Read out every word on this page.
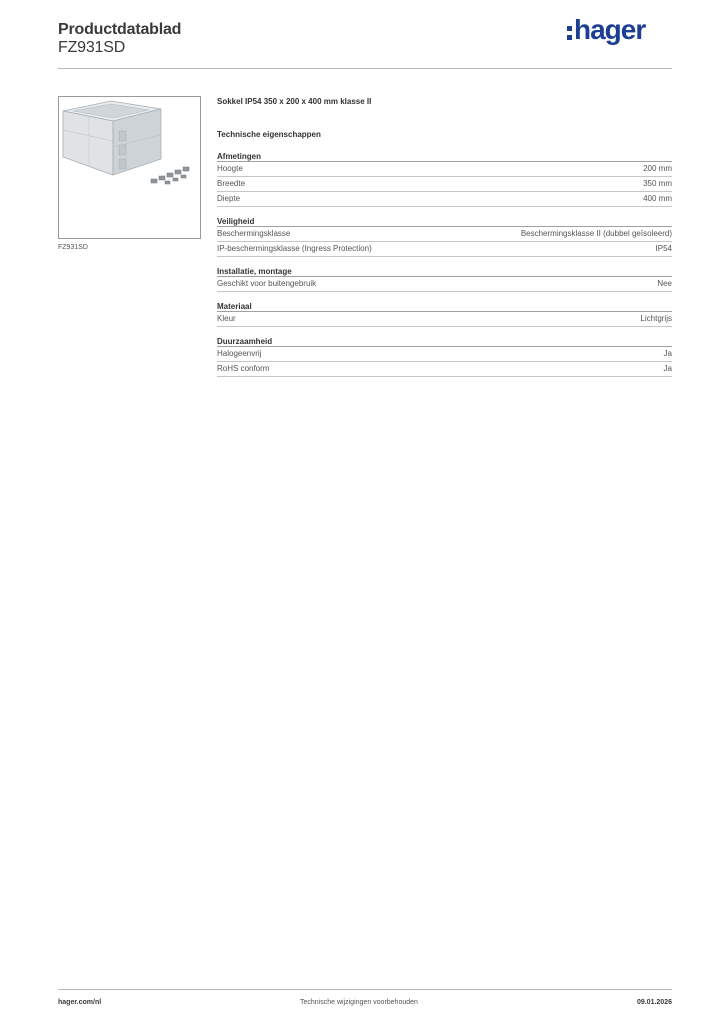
Productdatablad
FZ931SD
hager
FZ931SD
Sokkel IP54 350 x 200 x 400 mm klasse II
Technische eigenschappen
Afmetingen
Hoogte	200 mm
Breedte	350 mm
Diepte	400 mm
Veiligheid
Beschermingsklasse	Beschermingsklasse II (dubbel geïsoleerd)
IP-beschermingsklasse (Ingress Protection)	IP54
Installatie, montage
Geschikt voor buitengebruik	Nee
Materiaal
Kleur	Lichtgrijs
Duurzaamheid
Halogeenvrij	Ja
RoHS conform	Ja
hager.com/nl	Technische wijzigingen voorbehouden	09.01.2026
